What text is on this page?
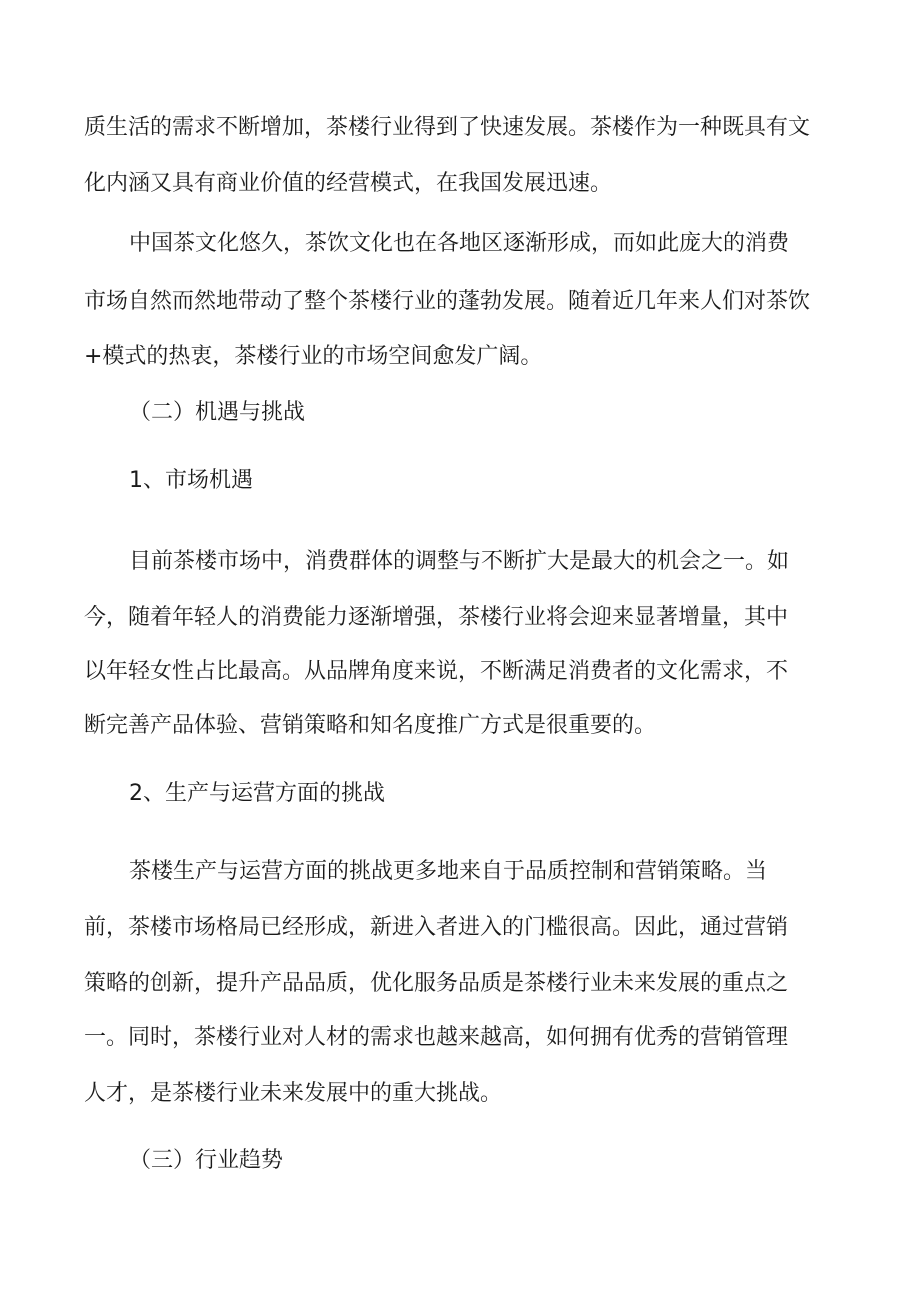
质生活的需求不断增加，茶楼行业得到了快速发展。茶楼作为一种既具有文
化内涵又具有商业价值的经营模式，在我国发展迅速。
中国茶文化悠久，茶饮文化也在各地区逐渐形成，而如此庞大的消费
市场自然而然地带动了整个茶楼行业的蓬勃发展。随着近几年来人们对茶饮
+模式的热衷，茶楼行业的市场空间愈发广阔。
（二）机遇与挑战
1、市场机遇
目前茶楼市场中，消费群体的调整与不断扩大是最大的机会之一。如
今，随着年轻人的消费能力逐渐增强，茶楼行业将会迎来显著增量，其中
以年轻女性占比最高。从品牌角度来说，不断满足消费者的文化需求，不
断完善产品体验、营销策略和知名度推广方式是很重要的。
2、生产与运营方面的挑战
茶楼生产与运营方面的挑战更多地来自于品质控制和营销策略。当
前，茶楼市场格局已经形成，新进入者进入的门槛很高。因此，通过营销
策略的创新，提升产品品质，优化服务品质是茶楼行业未来发展的重点之
一。同时，茶楼行业对人材的需求也越来越高，如何拥有优秀的营销管理
人才，是茶楼行业未来发展中的重大挑战。
（三）行业趋势
